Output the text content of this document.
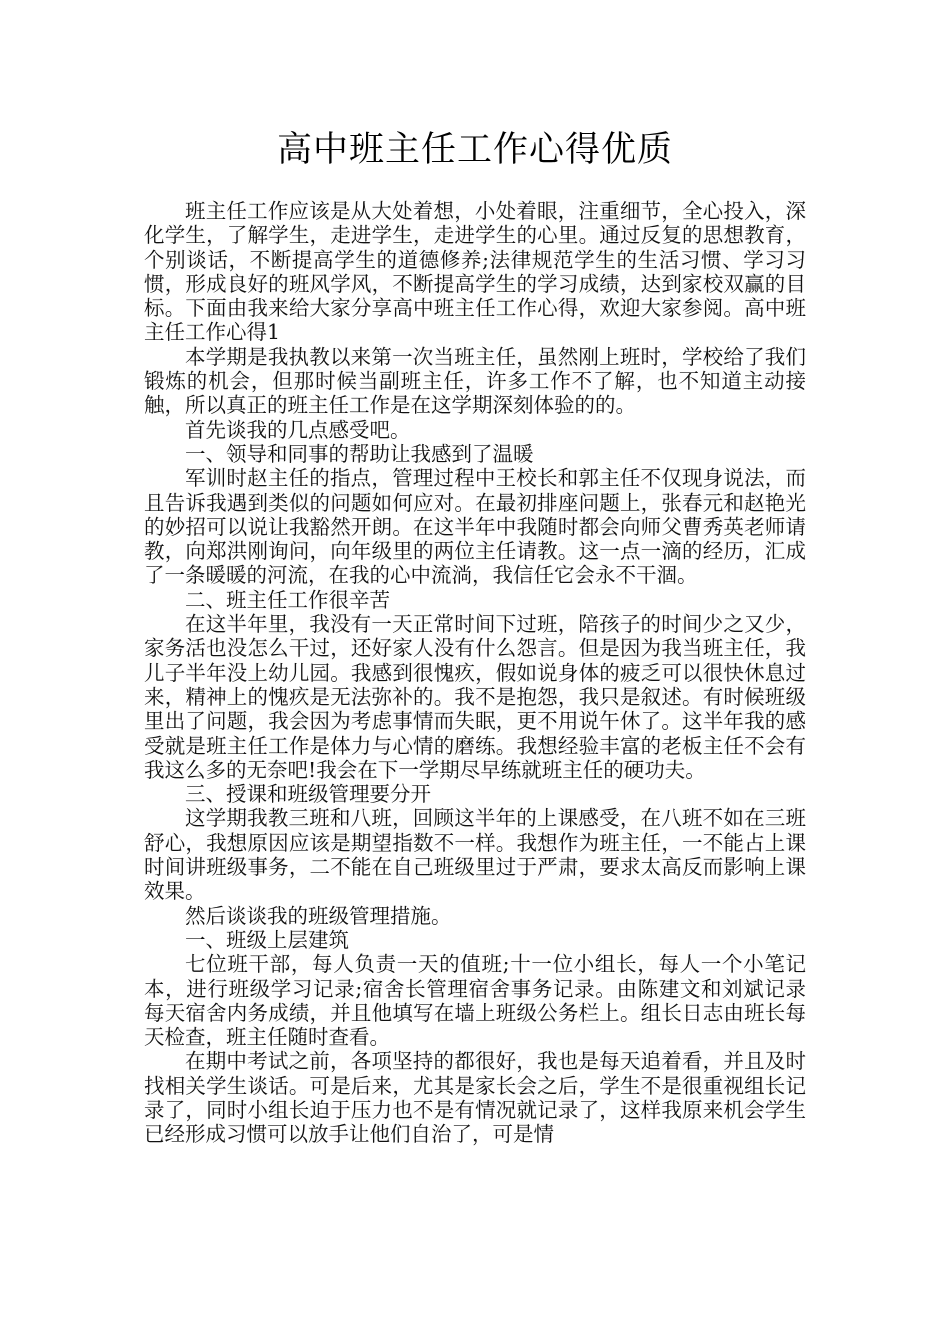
高中班主任工作心得优质

班主任工作应该是从大处着想，小处着眼，注重细节，全心投入，深化学生，了解学生，走进学生，走进学生的心里。通过反复的思想教育，个别谈话，不断提高学生的道德修养;法律规范学生的生活习惯、学习习惯，形成良好的班风学风，不断提高学生的学习成绩，达到家校双赢的目标。下面由我来给大家分享高中班主任工作心得，欢迎大家参阅。高中班主任工作心得1

本学期是我执教以来第一次当班主任，虽然刚上班时，学校给了我们锻炼的机会，但那时候当副班主任，许多工作不了解，也不知道主动接触，所以真正的班主任工作是在这学期深刻体验的的。

首先谈我的几点感受吧。

一、领导和同事的帮助让我感到了温暖

军训时赵主任的指点，管理过程中王校长和郭主任不仅现身说法，而且告诉我遇到类似的问题如何应对。在最初排座问题上，张春元和赵艳光的妙招可以说让我豁然开朗。在这半年中我随时都会向师父曹秀英老师请教，向郑洪刚询问，向年级里的两位主任请教。这一点一滴的经历，汇成了一条暖暖的河流，在我的心中流淌，我信任它会永不干涸。

二、班主任工作很辛苦

在这半年里，我没有一天正常时间下过班，陪孩子的时间少之又少，家务活也没怎么干过，还好家人没有什么怨言。但是因为我当班主任，我儿子半年没上幼儿园。我感到很愧疚，假如说身体的疲乏可以很快休息过来，精神上的愧疚是无法弥补的。我不是抱怨，我只是叙述。有时候班级里出了问题，我会因为考虑事情而失眠，更不用说午休了。这半年我的感受就是班主任工作是体力与心情的磨练。我想经验丰富的老板主任不会有我这么多的无奈吧!我会在下一学期尽早练就班主任的硬功夫。

三、授课和班级管理要分开

这学期我教三班和八班，回顾这半年的上课感受，在八班不如在三班舒心，我想原因应该是期望指数不一样。我想作为班主任，一不能占上课时间讲班级事务，二不能在自己班级里过于严肃，要求太高反而影响上课效果。

然后谈谈我的班级管理措施。

一、班级上层建筑

七位班干部，每人负责一天的值班;十一位小组长，每人一个小笔记本，进行班级学习记录;宿舍长管理宿舍事务记录。由陈建文和刘斌记录每天宿舍内务成绩，并且他填写在墙上班级公务栏上。组长日志由班长每天检查，班主任随时查看。

在期中考试之前，各项坚持的都很好，我也是每天追着看，并且及时找相关学生谈话。可是后来，尤其是家长会之后，学生不是很重视组长记录了，同时小组长迫于压力也不是有情况就记录了，这样我原来机会学生已经形成习惯可以放手让他们自治了，可是情
